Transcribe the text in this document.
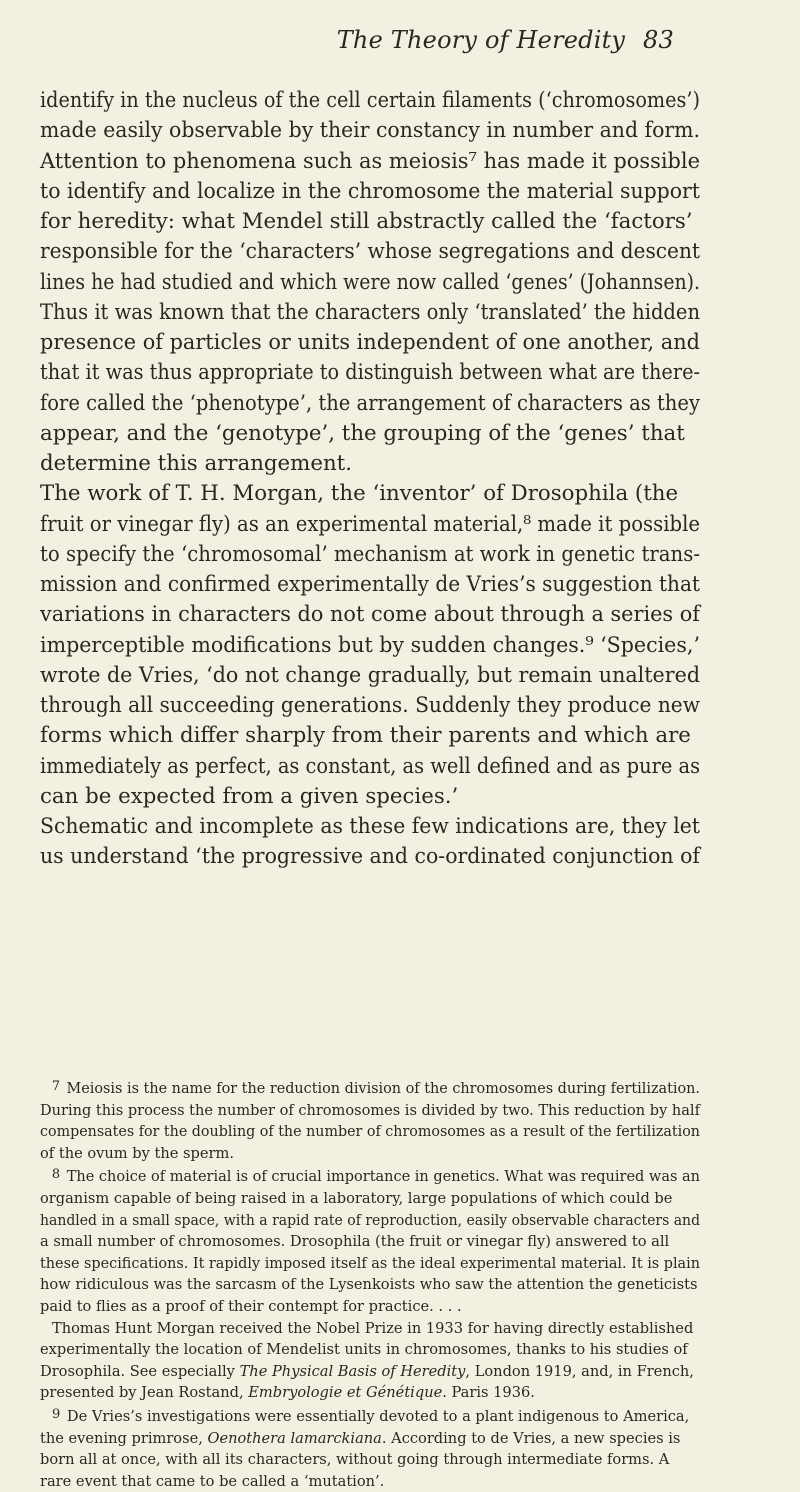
The Theory of Heredity 83
identify in the nucleus of the cell certain filaments (‘chromosomes’)
made easily observable by their constancy in number and form.
Attention to phenomena such as meiosis⁷ has made it possible
to identify and localize in the chromosome the material support
for heredity: what Mendel still abstractly called the ‘factors’
responsible for the ‘characters’ whose segregations and descent
lines he had studied and which were now called ‘genes’ (Johannsen).
Thus it was known that the characters only ‘translated’ the hidden
presence of particles or units independent of one another, and
that it was thus appropriate to distinguish between what are there-
fore called the ‘phenotype’, the arrangement of characters as they
appear, and the ‘genotype’, the grouping of the ‘genes’ that
determine this arrangement.
The work of T. H. Morgan, the ‘inventor’ of Drosophila (the
fruit or vinegar fly) as an experimental material,⁸ made it possible
to specify the ‘chromosomal’ mechanism at work in genetic trans-
mission and confirmed experimentally de Vries’s suggestion that
variations in characters do not come about through a series of
imperceptible modifications but by sudden changes.⁹ ‘Species,’
wrote de Vries, ‘do not change gradually, but remain unaltered
through all succeeding generations. Suddenly they produce new
forms which differ sharply from their parents and which are
immediately as perfect, as constant, as well defined and as pure as
can be expected from a given species.’
Schematic and incomplete as these few indications are, they let
us understand ‘the progressive and co-ordinated conjunction of
7 Meiosis is the name for the reduction division of the chromosomes during fertilization.
During this process the number of chromosomes is divided by two. This reduction by half
compensates for the doubling of the number of chromosomes as a result of the fertilization
of the ovum by the sperm.
8 The choice of material is of crucial importance in genetics. What was required was an
organism capable of being raised in a laboratory, large populations of which could be
handled in a small space, with a rapid rate of reproduction, easily observable characters and
a small number of chromosomes. Drosophila (the fruit or vinegar fly) answered to all
these specifications. It rapidly imposed itself as the ideal experimental material. It is plain
how ridiculous was the sarcasm of the Lysenkoists who saw the attention the geneticists
paid to flies as a proof of their contempt for practice. . . .
Thomas Hunt Morgan received the Nobel Prize in 1933 for having directly established
experimentally the location of Mendelist units in chromosomes, thanks to his studies of
Drosophila. See especially The Physical Basis of Heredity, London 1919, and, in French,
presented by Jean Rostand, Embryologie et Génétique. Paris 1936.
9 De Vries’s investigations were essentially devoted to a plant indigenous to America,
the evening primrose, Oenothera lamarckiana. According to de Vries, a new species is
born all at once, with all its characters, without going through intermediate forms. A
rare event that came to be called a ‘mutation’.
